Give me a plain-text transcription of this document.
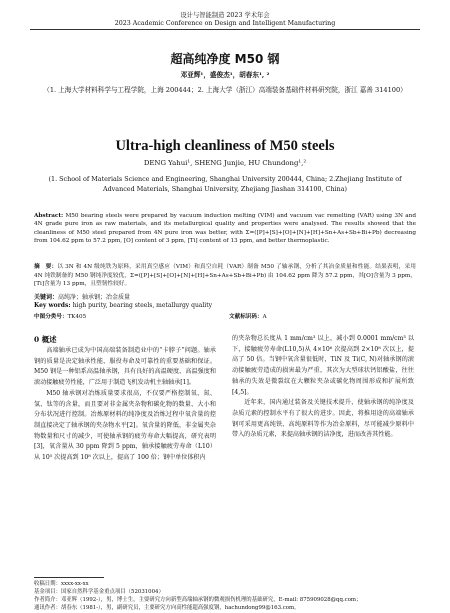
设计与智能制造 2023 学术年会
2023 Academic Conference on Design and Intelligent Manufacturing
超高纯净度 M50 钢
邓亚辉¹，盛俊杰¹，胡春东¹, ²
（1. 上海大学材料科学与工程学院，上海 200444；2. 上海大学（浙江）高端装备基础件材料研究院，浙江 嘉善 314100）
Ultra-high cleanliness of M50 steels
DENG Yahui¹, SHENG Junjie, HU Chundong¹,²
(1. School of Materials Science and Engineering, Shanghai University 200444, China; 2.Zhejiang Institute of Advanced Materials, Shanghai University, Zhejiang Jiashan 314100, China)
Abstract: M50 bearing steels were prepared by vacuum induction melting (VIM) and vacuum vac remelting (VAR) using 3N and 4N grade pure iron as raw materials, and its metallurgical quality and properties were analysed. The results showed that the cleanliness of M50 steel prepared from 4N pure iron was better, with Σ=([P]+[S]+[O]+[N]+[H]+Sn+As+Sb+Bi+Pb) decreasing from 104.62 ppm to 57.2 ppm, [O] content of 3 ppm, [Ti] content of 13 ppm, and better thermoplastic.
摘　要：以 3N 和 4N 级纯铁为原料，采用真空感应（VIM）和真空自耗（VAR）制备 M50 了轴承钢，分析了其冶金质量和性能。结果表明，采用 4N 纯铁制备的 M50 钢纯净度较优，Σ=([P]+[S]+[O]+[N]+[H]+Sn+As+Sb+Bi+Pb) 由 104.62 ppm 降为 57.2 ppm，其[O]含量为 3 ppm，[Ti]含量为 13 ppm，且塑韧性较好。
关键词：高纯净；轴承钢；冶金质量
Key words: high purity, bearing steels, metallurgy quality
中图分类号：TK405	文献标识码：A
0 概述

高端轴承已成为中国高端装备制造业中的“卡脖子”问题。轴承钢的质量是决定轴承性能、服役寿命及可靠性的重要基础和保证。M50 钢是一种铝系高温轴承钢，具有良好的高温硬度、高温强度和滚动接触疲劳性能，广泛用于制造飞机发动机主轴轴承[1]。

M50 轴承钢对冶炼质量要求很高，不仅要严格控制氧、氮、氢、钛等的含量，而且要对非金属夹杂物和碳化物的数量、大小和分布状况进行控制。冶炼原材料的纯净度及冶炼过程中氧含量的控制直接决定了轴承钢的夹杂物水平[2]。氧含量的降低，非金属夹杂物数量和尺寸的减少，可使轴承钢的疲劳寿命大幅提高，研究表明[3]，氧含量从 30 ppm 降到 5 ppm，轴承接触疲劳寿命（L10）从 10⁵ 次提高到 10⁸ 次以上，提高了 100 倍；钢中单位体积内

的夹杂物总长度从 1 mm/cm³ 以上，减小到 0.0001 mm/cm³ 以下，接触疲劳寿命(L10,5)从 4×10⁶ 次提高到 2×10⁸ 次以上，提高了 50 倍。当钢中氧含量很低时，TiN 及 Ti(C, N)对轴承钢的滚动接触疲劳造成的损害最为严重，其次为大型球状钙铝酸盐，往往轴承的失效是微裂纹在大颗粒夹杂或碳化物周围形成和扩展所致[4,5]。

近年来，国内通过装备及关键技术提升，使轴承钢的纯净度及杂质元素的控制水平有了很大的进步。因此，将推用途的高端轴承钢可采用更高纯铁、高纯原料等作为冶金原料，尽可能减少原料中带入的杂质元素，来提高轴承钢的洁净度，进而改善其性能。

收稿日期：xxxx-xx-xx
基金项目：国家自然科学基金重点项目（52031004）
作者简介：邓亚辉（1992-），男，博士生，主要研究方向新型高端轴承钢的微观损伤机理的基础研究，E-mail: 875909028@qq.com；
通讯作者：胡春东（1981-），男，副研究员，主要研究方向高性能超高强度钢，hachundong99@163.com。
